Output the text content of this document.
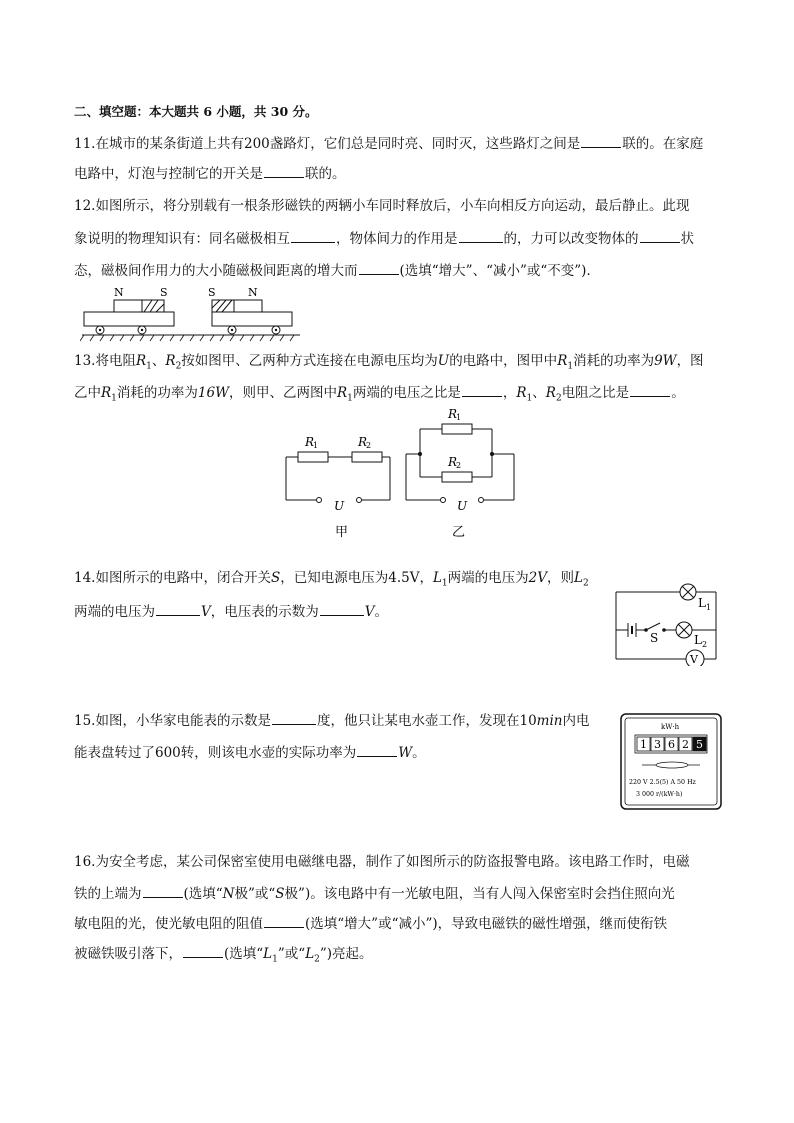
二、填空题：本大题共 6 小题，共 30 分。
11.在城市的某条街道上共有200盏路灯，它们总是同时亮、同时灭，这些路灯之间是	联的。在家庭
电路中，灯泡与控制它的开关是	联的。
12.如图所示，将分别载有一根条形磁铁的两辆小车同时释放后，小车向相反方向运动，最后静止。此现
象说明的物理知识有：同名磁极相互	，物体间力的作用是	的，力可以改变物体的	状
态，磁极间作用力的大小随磁极间距离的增大而	(选填“增大”、“减小”或“不变”)．
N	S	S	N
13.将电阻$R_1$、$R_2$按如图甲、乙两种方式连接在电源电压均为U的电路中，图甲中$R_1$消耗的功率为9W，图
乙中$R_1$消耗的功率为16W，则甲、乙两图中$R_1$两端的电压之比是	，$R_1$、$R_2$电阻之比是	。
R
1	R
2
U
甲
R
1
R
2
U
乙
14.如图所示的电路中，闭合开关S，已知电源电压为4.5V，$L_1$两端的电压为2V，则$L_2$
两端的电压为	V，电压表的示数为	V。
L 1
S	L 2
V
15.如图，小华家电能表的示数是	度，他只让某电水壶工作，发现在10min内电
能表盘转过了600转，则该电水壶的实际功率为	W。
kW·h
1 3 6 2 5
220 V 2.5(5) A 50 Hz
3 000 r/(kW·h)
16.为安全考虑，某公司保密室使用电磁继电器，制作了如图所示的防盗报警电路。该电路工作时，电磁
铁的上端为	(选填“N极”或“S极”)。该电路中有一光敏电阻，当有人闯入保密室时会挡住照向光
敏电阻的光，使光敏电阻的阻值	(选填“增大”或“减小”)，导致电磁铁的磁性增强，继而使衔铁
被磁铁吸引落下，	(选填“$L_1$”或“$L_2$”)亮起。
